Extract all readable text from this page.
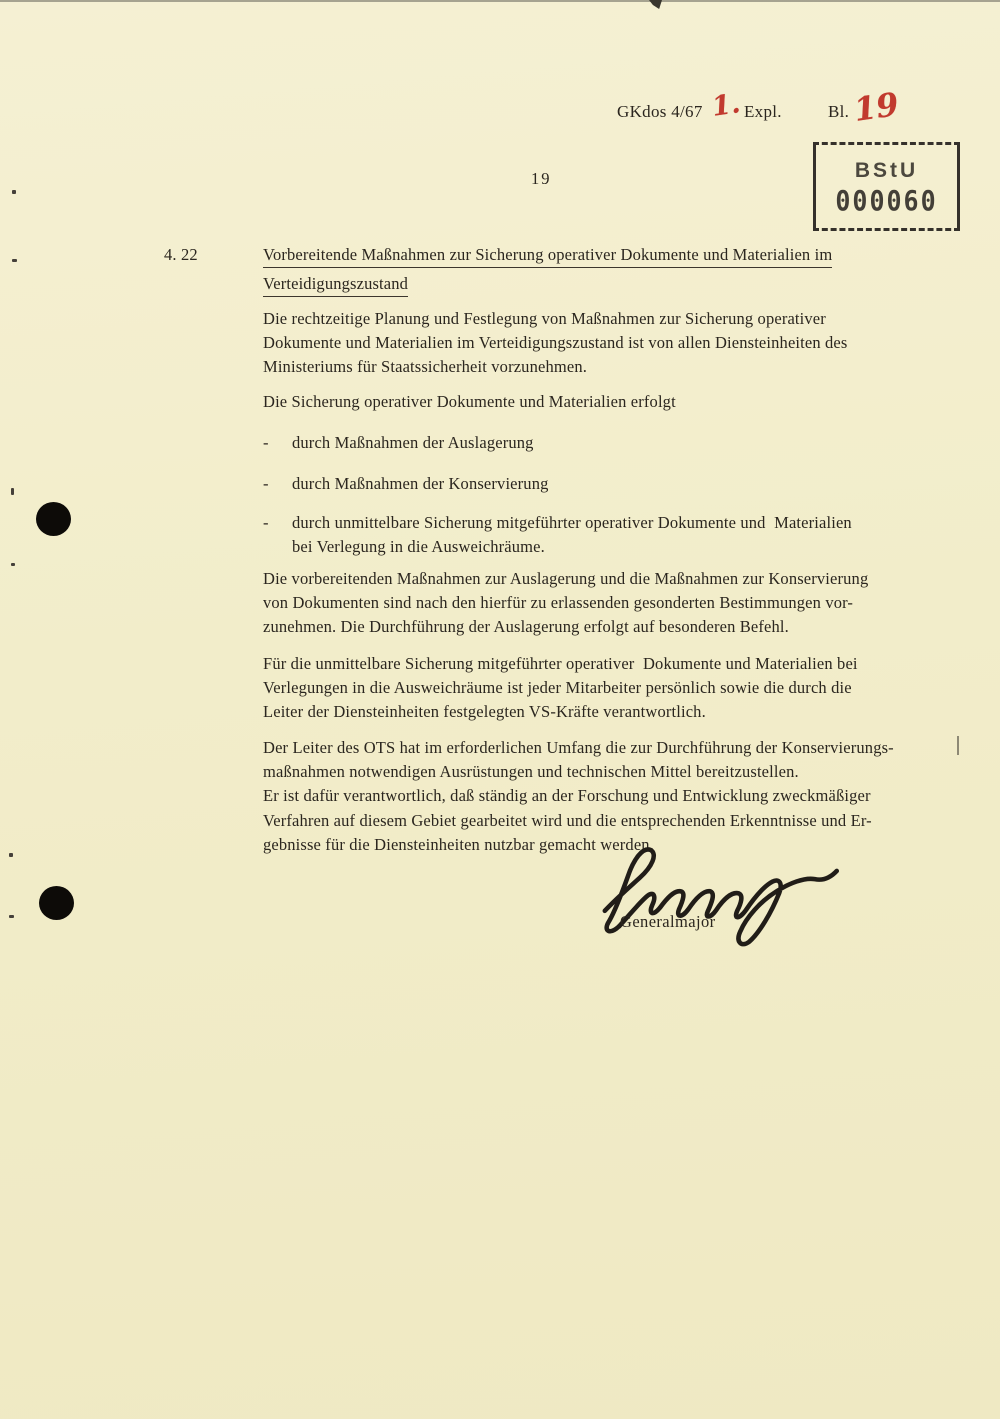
GKdos 4/67 1. Expl.	Bl. 19
BStU
000060
19
4. 22	Vorbereitende Maßnahmen zur Sicherung operativer Dokumente und Materialien im
Verteidigungszustand
Die rechtzeitige Planung und Festlegung von Maßnahmen zur Sicherung operativer
Dokumente und Materialien im Verteidigungszustand ist von allen Diensteinheiten des
Ministeriums für Staatssicherheit vorzunehmen.
Die Sicherung operativer Dokumente und Materialien erfolgt
-	durch Maßnahmen der Auslagerung
-	durch Maßnahmen der Konservierung
-	durch unmittelbare Sicherung mitgeführter operativer Dokumente und  Materialien
bei Verlegung in die Ausweichräume.
Die vorbereitenden Maßnahmen zur Auslagerung und die Maßnahmen zur Konservierung
von Dokumenten sind nach den hierfür zu erlassenden gesonderten Bestimmungen vor-
zunehmen. Die Durchführung der Auslagerung erfolgt auf besonderen Befehl.
Für die unmittelbare Sicherung mitgeführter operativer  Dokumente und Materialien bei
Verlegungen in die Ausweichräume ist jeder Mitarbeiter persönlich sowie die durch die
Leiter der Diensteinheiten festgelegten VS-Kräfte verantwortlich.
Der Leiter des OTS hat im erforderlichen Umfang die zur Durchführung der Konservierungs-
maßnahmen notwendigen Ausrüstungen und technischen Mittel bereitzustellen.
Er ist dafür verantwortlich, daß ständig an der Forschung und Entwicklung zweckmäßiger
Verfahren auf diesem Gebiet gearbeitet wird und die entsprechenden Erkenntnisse und Er-
gebnisse für die Diensteinheiten nutzbar gemacht werden.
Generalmajor
